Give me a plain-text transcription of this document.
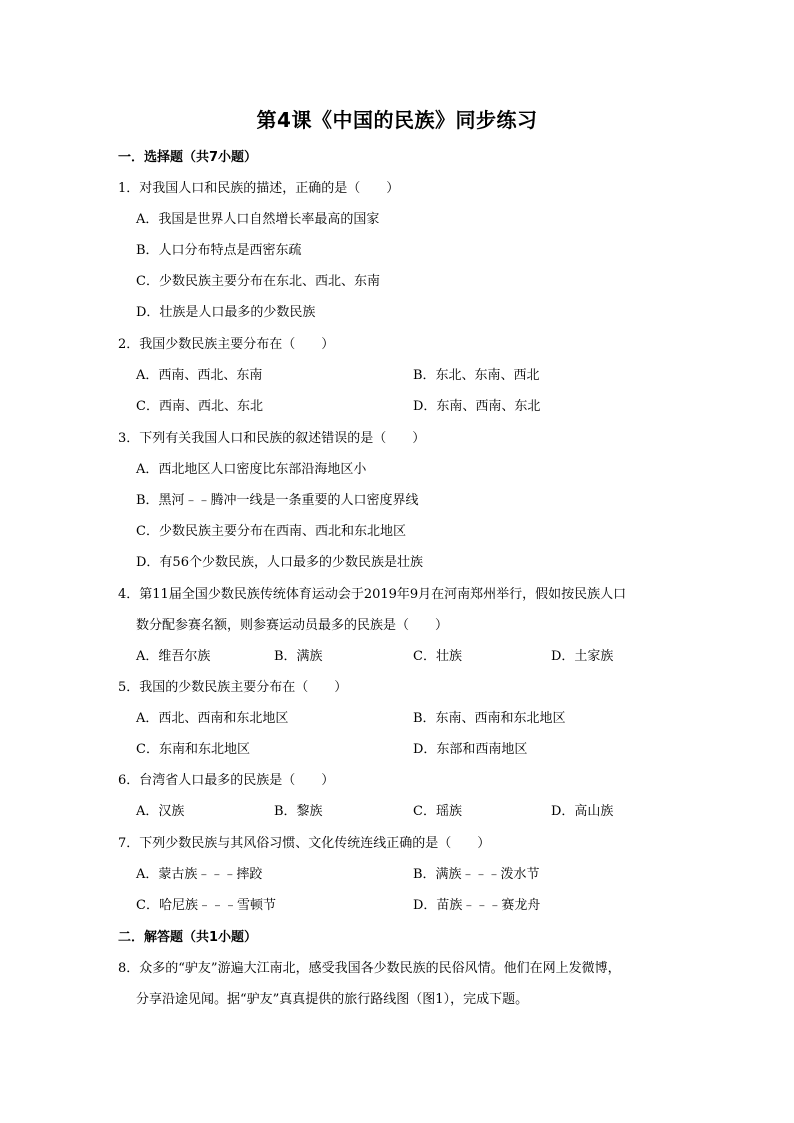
第4课《中国的民族》同步练习
一．选择题（共7小题）
1．对我国人口和民族的描述，正确的是（　　）
A．我国是世界人口自然增长率最高的国家
B．人口分布特点是西密东疏
C．少数民族主要分布在东北、西北、东南
D．壮族是人口最多的少数民族
2．我国少数民族主要分布在（　　）
A．西南、西北、东南	B．东北、东南、西北
C．西南、西北、东北	D．东南、西南、东北
3．下列有关我国人口和民族的叙述错误的是（　　）
A．西北地区人口密度比东部沿海地区小
B．黑河﹣﹣腾冲一线是一条重要的人口密度界线
C．少数民族主要分布在西南、西北和东北地区
D．有56个少数民族，人口最多的少数民族是壮族
4．第11届全国少数民族传统体育运动会于2019年9月在河南郑州举行，假如按民族人口
数分配参赛名额，则参赛运动员最多的民族是（　　）
A．维吾尔族	B．满族	C．壮族	D．土家族
5．我国的少数民族主要分布在（　　）
A．西北、西南和东北地区	B．东南、西南和东北地区
C．东南和东北地区	D．东部和西南地区
6．台湾省人口最多的民族是（　　）
A．汉族	B．黎族	C．瑶族	D．高山族
7．下列少数民族与其风俗习惯、文化传统连线正确的是（　　）
A．蒙古族﹣﹣﹣摔跤	B．满族﹣﹣﹣泼水节
C．哈尼族﹣﹣﹣雪顿节	D．苗族﹣﹣﹣赛龙舟
二．解答题（共1小题）
8．众多的“驴友”游遍大江南北，感受我国各少数民族的民俗风情。他们在网上发微博，
分享沿途见闻。据“驴友”真真提供的旅行路线图（图1），完成下题。
